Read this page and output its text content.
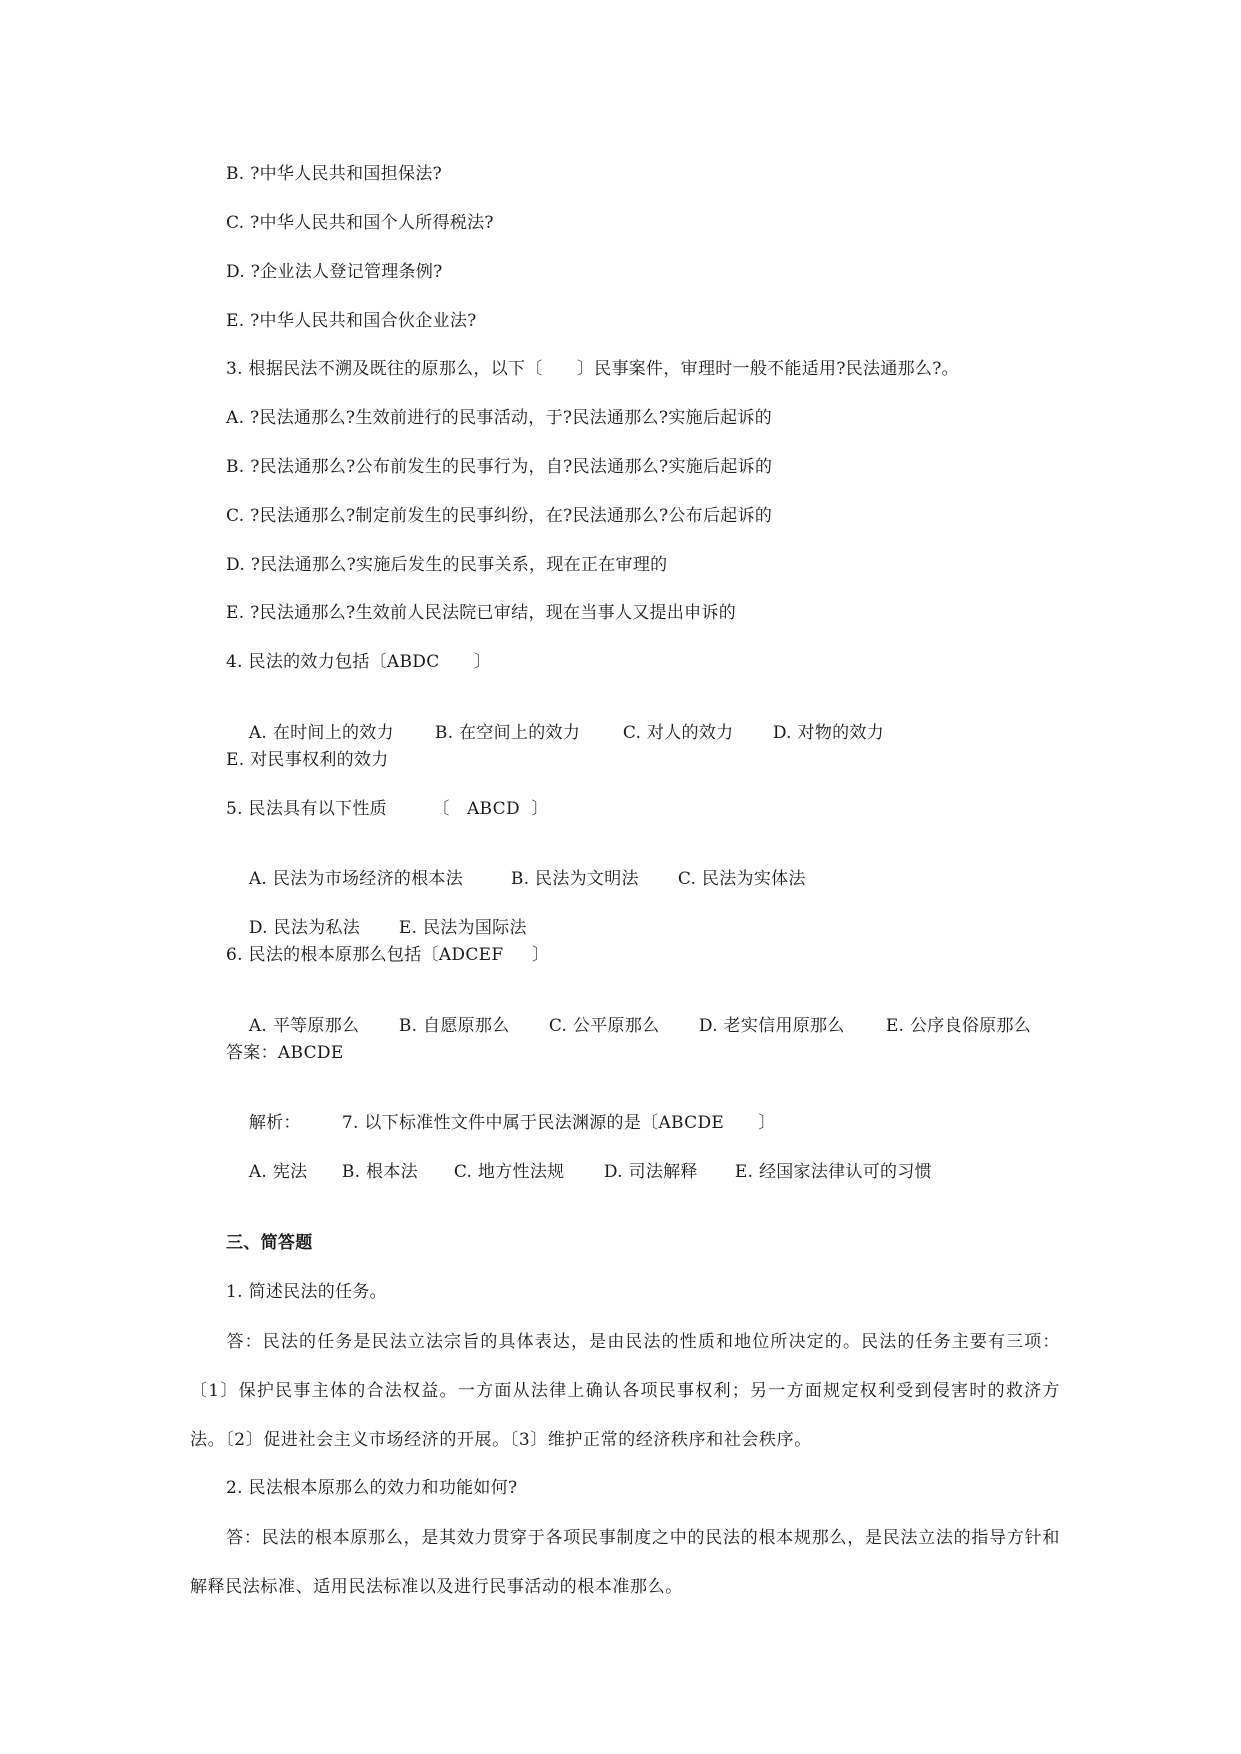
B. ?中华人民共和国担保法?
C. ?中华人民共和国个人所得税法?
D. ?企业法人登记管理条例?
E. ?中华人民共和国合伙企业法?
3. 根据民法不溯及既往的原那么，以下〔      〕民事案件，审理时一般不能适用?民法通那么?。
A. ?民法通那么?生效前进行的民事活动，于?民法通那么?实施后起诉的
B. ?民法通那么?公布前发生的民事行为，自?民法通那么?实施后起诉的
C. ?民法通那么?制定前发生的民事纠纷，在?民法通那么?公布后起诉的
D. ?民法通那么?实施后发生的民事关系，现在正在审理的
E. ?民法通那么?生效前人民法院已审结，现在当事人又提出申诉的
4. 民法的效力包括〔ABDC      〕

A. 在时间上的效力 B. 在空间上的效力	C. 对人的效力 D. 对物的效力

E. 对民事权利的效力
5. 民法具有以下性质        〔   ABCD  〕

A. 民法为市场经济的根本法	B. 民法为文明法 C. 民法为实体法

D. 民法为私法 E. 民法为国际法

6. 民法的根本原那么包括〔ADCEF     〕

A. 平等原那么 B. 自愿原那么 C. 公平原那么 D. 老实信用原那么 E. 公序良俗原那么

答案：ABCDE

解析： 7. 以下标准性文件中属于民法渊源的是〔ABCDE      〕

A. 宪法 B. 根本法 C. 地方性法规 D. 司法解释 E. 经国家法律认可的习惯

三、简答题
1. 简述民法的任务。
答：民法的任务是民法立法宗旨的具体表达，是由民法的性质和地位所决定的。民法的任务主要有三项：〔1〕保护民事主体的合法权益。一方面从法律上确认各项民事权利；另一方面规定权利受到侵害时的救济方法。〔2〕促进社会主义市场经济的开展。〔3〕维护正常的经济秩序和社会秩序。
2. 民法根本原那么的效力和功能如何?
答：民法的根本原那么，是其效力贯穿于各项民事制度之中的民法的根本规那么，是民法立法的指导方针和解释民法标准、适用民法标准以及进行民事活动的根本准那么。
